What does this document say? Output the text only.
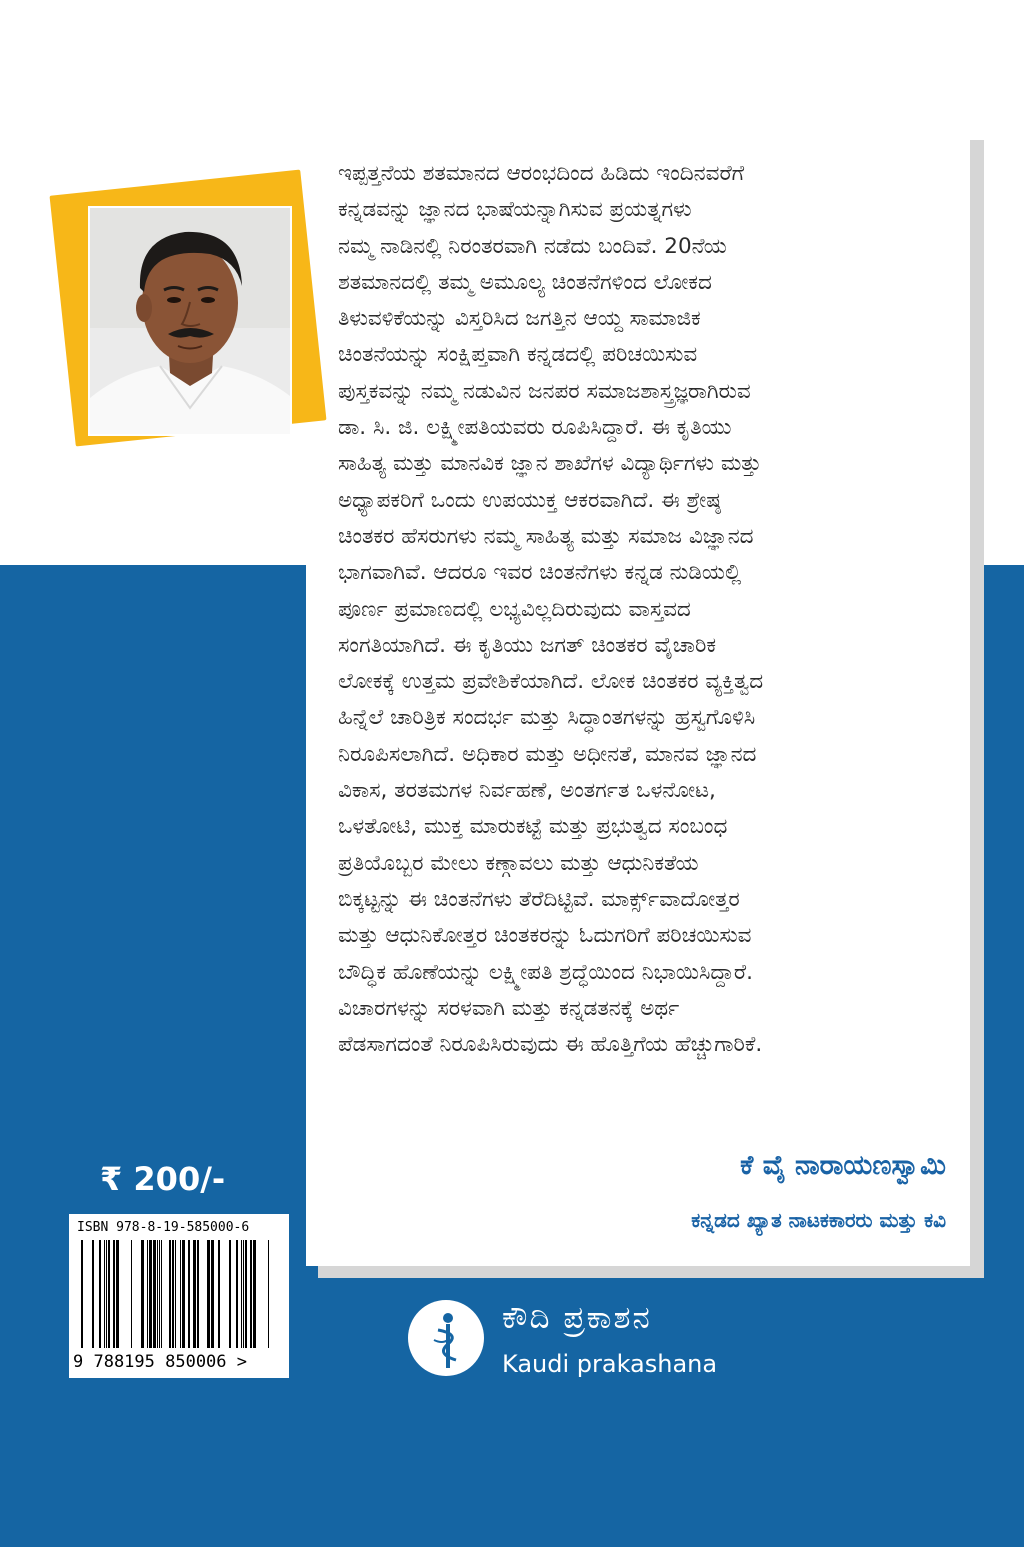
ಇಪ್ಪತ್ತನೆಯ ಶತಮಾನದ ಆರಂಭದಿಂದ ಹಿಡಿದು ಇಂದಿನವರೆಗೆ
ಕನ್ನಡವನ್ನು ಜ್ಞಾನದ ಭಾಷೆಯನ್ನಾಗಿಸುವ ಪ್ರಯತ್ನಗಳು
ನಮ್ಮ ನಾಡಿನಲ್ಲಿ ನಿರಂತರವಾಗಿ ನಡೆದು ಬಂದಿವೆ. 20ನೆಯ
ಶತಮಾನದಲ್ಲಿ ತಮ್ಮ ಅಮೂಲ್ಯ ಚಿಂತನೆಗಳಿಂದ ಲೋಕದ
ತಿಳುವಳಿಕೆಯನ್ನು ವಿಸ್ತರಿಸಿದ ಜಗತ್ತಿನ ಆಯ್ದ ಸಾಮಾಜಿಕ
ಚಿಂತನೆಯನ್ನು ಸಂಕ್ಷಿಪ್ತವಾಗಿ ಕನ್ನಡದಲ್ಲಿ ಪರಿಚಯಿಸುವ
ಪುಸ್ತಕವನ್ನು ನಮ್ಮ ನಡುವಿನ ಜನಪರ ಸಮಾಜಶಾಸ್ತ್ರಜ್ಞರಾಗಿರುವ
ಡಾ. ಸಿ. ಜಿ. ಲಕ್ಷ್ಮೀಪತಿಯವರು ರೂಪಿಸಿದ್ದಾರೆ. ಈ ಕೃತಿಯು
ಸಾಹಿತ್ಯ ಮತ್ತು ಮಾನವಿಕ ಜ್ಞಾನ ಶಾಖೆಗಳ ವಿದ್ಯಾರ್ಥಿಗಳು ಮತ್ತು
ಅಧ್ಯಾಪಕರಿಗೆ ಒಂದು ಉಪಯುಕ್ತ ಆಕರವಾಗಿದೆ. ಈ ಶ್ರೇಷ್ಠ
ಚಿಂತಕರ ಹೆಸರುಗಳು ನಮ್ಮ ಸಾಹಿತ್ಯ ಮತ್ತು ಸಮಾಜ ವಿಜ್ಞಾನದ
ಭಾಗವಾಗಿವೆ. ಆದರೂ ಇವರ ಚಿಂತನೆಗಳು ಕನ್ನಡ ನುಡಿಯಲ್ಲಿ
ಪೂರ್ಣ ಪ್ರಮಾಣದಲ್ಲಿ ಲಭ್ಯವಿಲ್ಲದಿರುವುದು ವಾಸ್ತವದ
ಸಂಗತಿಯಾಗಿದೆ. ಈ ಕೃತಿಯು ಜಗತ್ ಚಿಂತಕರ ವೈಚಾರಿಕ
ಲೋಕಕ್ಕೆ ಉತ್ತಮ ಪ್ರವೇಶಿಕೆಯಾಗಿದೆ. ಲೋಕ ಚಿಂತಕರ ವ್ಯಕ್ತಿತ್ವದ
ಹಿನ್ನೆಲೆ ಚಾರಿತ್ರಿಕ ಸಂದರ್ಭ ಮತ್ತು ಸಿದ್ಧಾಂತಗಳನ್ನು ಹ್ರಸ್ವಗೊಳಿಸಿ
ನಿರೂಪಿಸಲಾಗಿದೆ. ಅಧಿಕಾರ ಮತ್ತು ಅಧೀನತೆ, ಮಾನವ ಜ್ಞಾನದ
ವಿಕಾಸ, ತರತಮಗಳ ನಿರ್ವಹಣೆ, ಅಂತರ್ಗತ ಒಳನೋಟ,
ಒಳತೋಟಿ, ಮುಕ್ತ ಮಾರುಕಟ್ಟೆ ಮತ್ತು ಪ್ರಭುತ್ವದ ಸಂಬಂಧ
ಪ್ರತಿಯೊಬ್ಬರ ಮೇಲು ಕಣ್ಗಾವಲು ಮತ್ತು ಆಧುನಿಕತೆಯ
ಬಿಕ್ಕಟ್ಟನ್ನು ಈ ಚಿಂತನೆಗಳು ತೆರೆದಿಟ್ಟಿವೆ. ಮಾರ್ಕ್ಸ್‌ವಾದೋತ್ತರ
ಮತ್ತು ಆಧುನಿಕೋತ್ತರ ಚಿಂತಕರನ್ನು ಓದುಗರಿಗೆ ಪರಿಚಯಿಸುವ
ಬೌದ್ಧಿಕ ಹೊಣೆಯನ್ನು ಲಕ್ಷ್ಮೀಪತಿ ಶ್ರದ್ಧೆಯಿಂದ ನಿಭಾಯಿಸಿದ್ದಾರೆ.
ವಿಚಾರಗಳನ್ನು ಸರಳವಾಗಿ ಮತ್ತು ಕನ್ನಡತನಕ್ಕೆ ಅರ್ಥ
ಪೆಡಸಾಗದಂತೆ ನಿರೂಪಿಸಿರುವುದು ಈ ಹೊತ್ತಿಗೆಯ ಹೆಚ್ಚುಗಾರಿಕೆ.
ಕೆ ವೈ ನಾರಾಯಣಸ್ವಾಮಿ
ಕನ್ನಡದ ಖ್ಯಾತ ನಾಟಕಕಾರರು ಮತ್ತು ಕವಿ
₹ 200/-
ISBN 978-8-19-585000-6
9 788195 850006 >
ಕೌದಿ ಪ್ರಕಾಶನ
Kaudi prakashana
